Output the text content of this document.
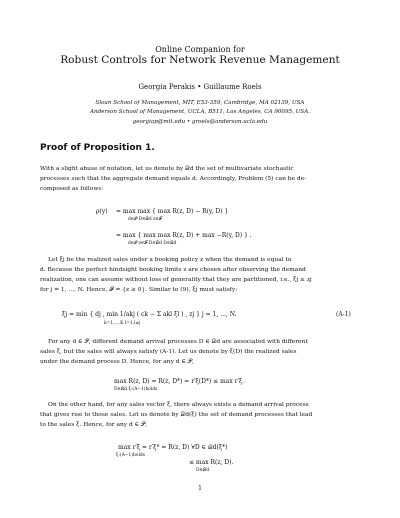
Online Companion for
Robust Controls for Network Revenue Management
Georgia Perakis • Guillaume Roels
Sloan School of Management, MIT, E53-359, Cambridge, MA 02139, USA
Anderson School of Management, UCLA, B511, Los Angeles, CA 90095, USA.
georgiap@mit.edu • groels@anderson.ucla.edu
Proof of Proposition 1.
With a slight abuse of notation, let us denote by 𝒟d the set of multivariate stochastic
processes such that the aggregate demand equals d. Accordingly, Problem (5) can be de-
composed as follows:
ρ(y) = max max { max R(z, D) − R(y, D) }
d∈𝒫 D∈𝒟d z∈𝓕
= max { max max R(z, D) + max −R(y, D) } .
d∈𝒫 z∈𝓕 D∈𝒟d D∈𝒟d
Let ξj be the realized sales under a booking policy z when the demand is equal to
d. Because the perfect hindsight booking limits z are chosen after observing the demand
realization, one can assume without loss of generality that they are partitioned, i.e., ξj ≤ zj
for j = 1, ..., N. Hence, 𝓕 = {z ≥ 0}. Similar to (9), ξj must satisfy:
ξj = min { dj , min 1/akj ( ck − Σ akl ξl ) , zj } j = 1, ..., N.
k=1,...,K l=1,l≠j
(A-1)
For any d ∈ 𝒫, different demand arrival processes D ∈ 𝒟d are associated with different
sales ξ, but the sales will always satisfy (A-1). Let us denote by ξ(D) the realized sales
under the demand process D. Hence, for any d ∈ 𝒫,
max R(z, D) = R(z, D*) = r′ξ(D*) ≤ max r′ξ.
D∈𝒟d ξ:(A−1)holds
On the other hand, for any sales vector ξ, there always exists a demand arrival process
that gives rise to those sales. Let us denote by 𝒟d(ξ) the set of demand processes that lead
to the sales ξ. Hence, for any d ∈ 𝒫,
max r′ξ = r′ξ* = R(z, D) ∀D ∈ 𝒟d(ξ*)
ξ:(A−1)holds
≤ max R(z, D).
D∈𝒟d
1
